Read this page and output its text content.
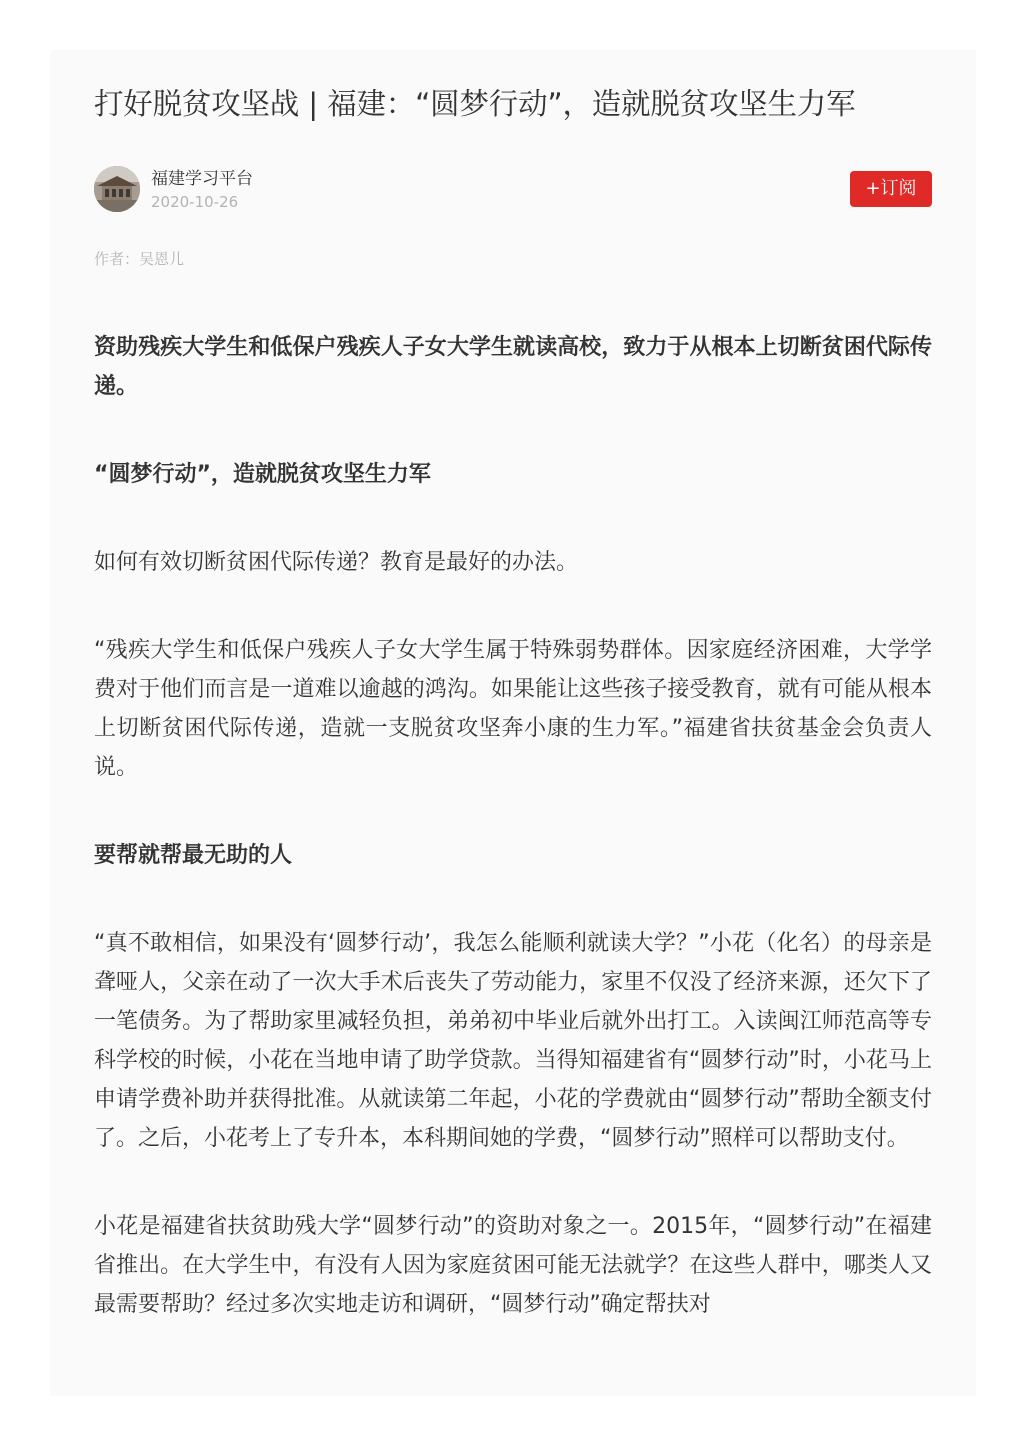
打好脱贫攻坚战 | 福建：“圆梦行动”，造就脱贫攻坚生力军
福建学习平台
2020-10-26
+订阅
作者：吴恩儿

资助残疾大学生和低保户残疾人子女大学生就读高校，致力于从根本上切断贫困代际传递。

“圆梦行动”，造就脱贫攻坚生力军

如何有效切断贫困代际传递？教育是最好的办法。

“残疾大学生和低保户残疾人子女大学生属于特殊弱势群体。因家庭经济困难，大学学费对于他们而言是一道难以逾越的鸿沟。如果能让这些孩子接受教育，就有可能从根本上切断贫困代际传递，造就一支脱贫攻坚奔小康的生力军。”福建省扶贫基金会负责人说。

要帮就帮最无助的人

“真不敢相信，如果没有‘圆梦行动’，我怎么能顺利就读大学？”小花（化名）的母亲是聋哑人，父亲在动了一次大手术后丧失了劳动能力，家里不仅没了经济来源，还欠下了一笔债务。为了帮助家里减轻负担，弟弟初中毕业后就外出打工。入读闽江师范高等专科学校的时候，小花在当地申请了助学贷款。当得知福建省有“圆梦行动”时，小花马上申请学费补助并获得批准。从就读第二年起，小花的学费就由“圆梦行动”帮助全额支付了。之后，小花考上了专升本，本科期间她的学费，“圆梦行动”照样可以帮助支付。

小花是福建省扶贫助残大学“圆梦行动”的资助对象之一。2015年，“圆梦行动”在福建省推出。在大学生中，有没有人因为家庭贫困可能无法就学？在这些人群中，哪类人又最需要帮助？经过多次实地走访和调研，“圆梦行动”确定帮扶对
